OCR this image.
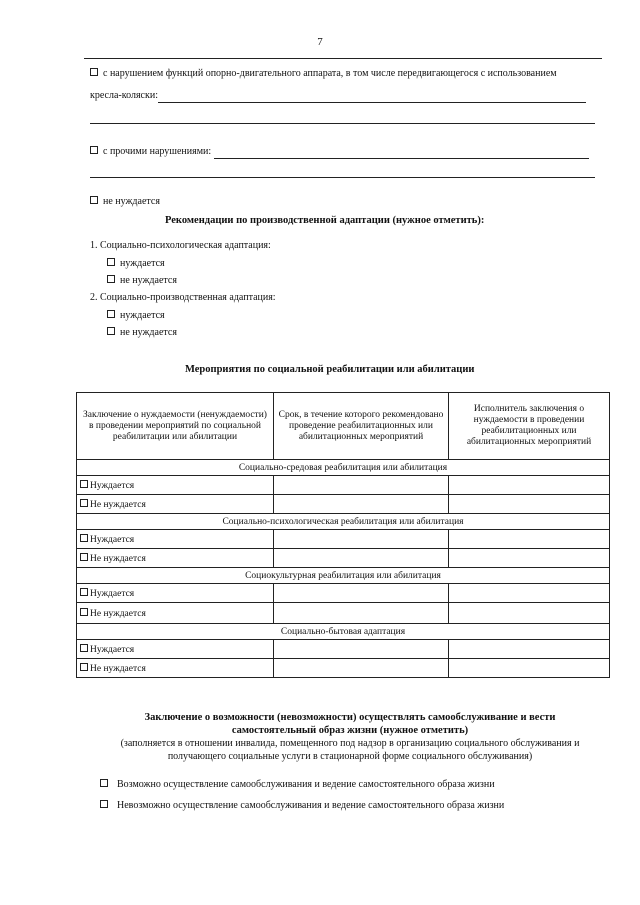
7
с нарушением функций опорно-двигательного аппарата, в том числе передвигающегося с использованием
кресла-коляски:
с прочими нарушениями:
не нуждается
Рекомендации по производственной адаптации (нужное отметить):
1. Социально-психологическая адаптация:
нуждается
не нуждается
2. Социально-производственная адаптация:
нуждается
не нуждается
Мероприятия по социальной реабилитации или абилитации
Заключение о нуждаемости (ненуждаемости) в проведении мероприятий по социальной реабилитации или абилитации	Срок, в течение которого рекомендовано проведение реабилитационных или абилитационных мероприятий	Исполнитель заключения о нуждаемости в проведении реабилитационных или абилитационных мероприятий
Социально-средовая реабилитация или абилитация		
Нуждается		
Не нуждается		
Социально-психологическая реабилитация или абилитация		
Нуждается		
Не нуждается		
Социокультурная реабилитация или абилитация		
Нуждается		
Не нуждается		
Социально-бытовая адаптация		
Нуждается		
Не нуждается		
Заключение о возможности (невозможности) осуществлять самообслуживание и вести
самостоятельный образ жизни (нужное отметить)
(заполняется в отношении инвалида, помещенного под надзор в организацию социального обслуживания и
получающего социальные услуги в стационарной форме социального обслуживания)
Возможно осуществление самообслуживания и ведение самостоятельного образа жизни
Невозможно осуществление самообслуживания и ведение самостоятельного образа жизни
